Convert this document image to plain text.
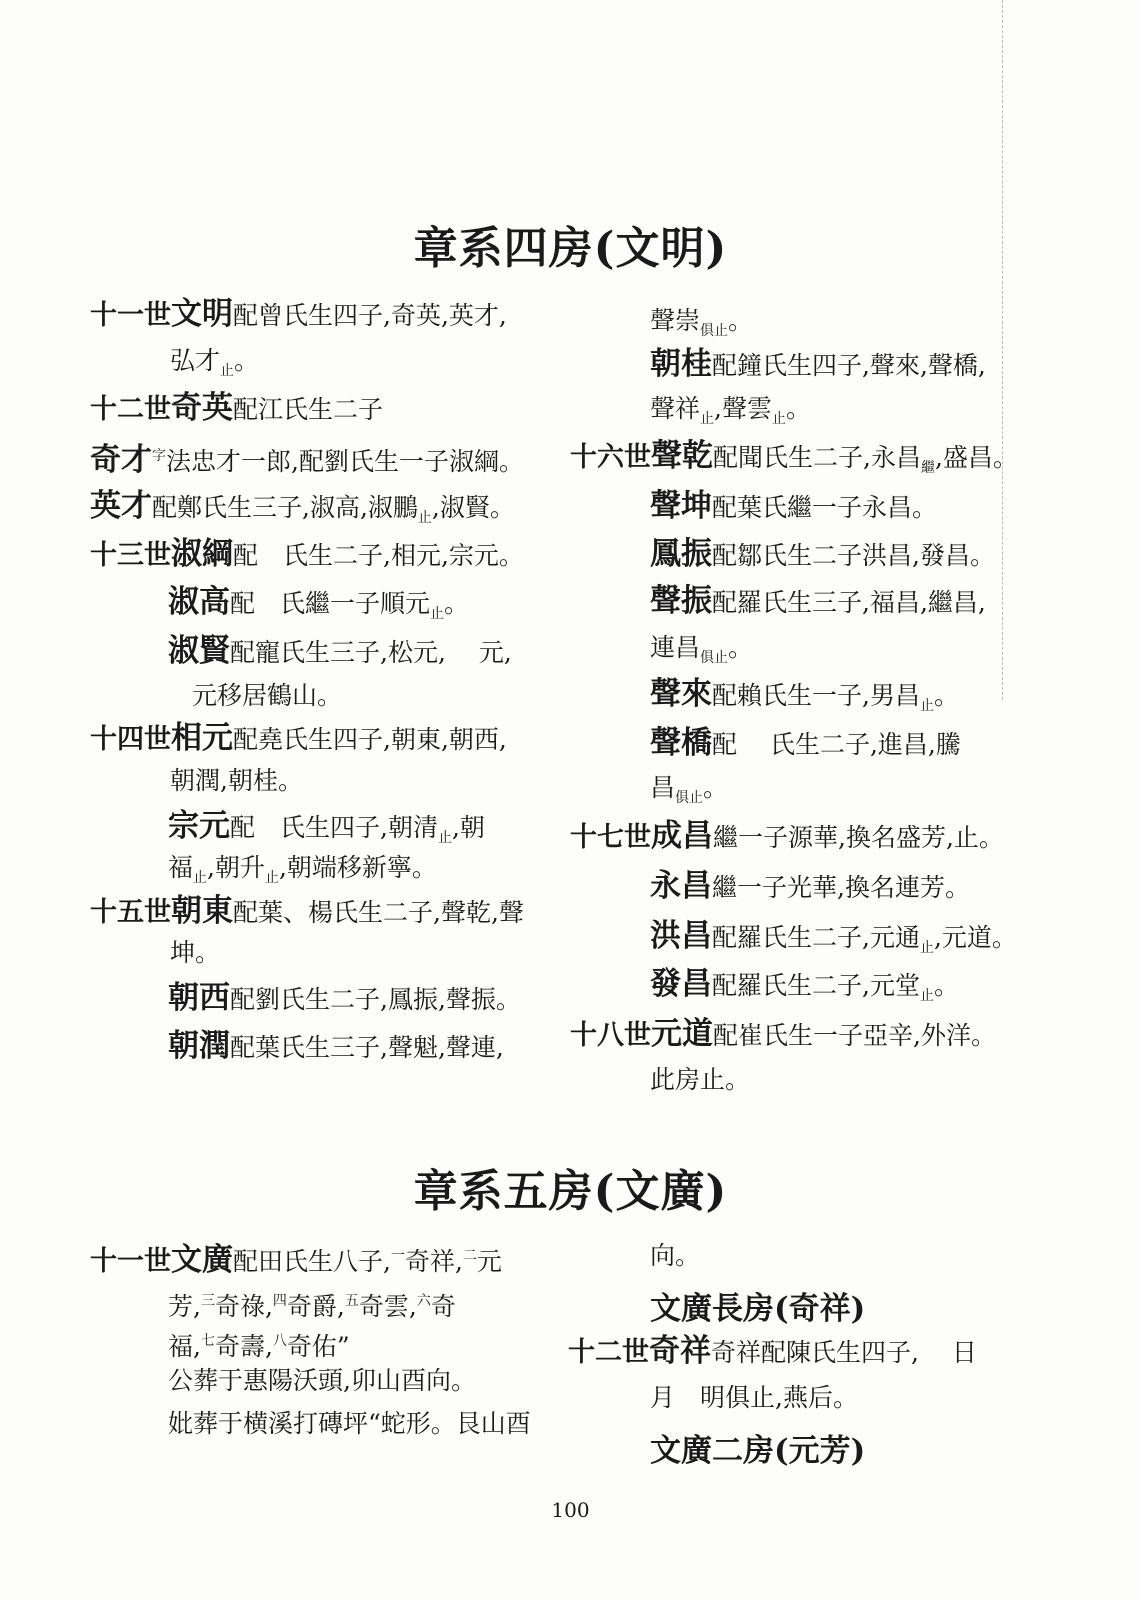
章系四房(文明)
十一世文明配曾氏生四子,奇英,英才,
弘才$_止$。
十二世奇英配江氏生二子
奇才$^字$法忠才一郎,配劉氏生一子淑綱。
英才配鄭氏生三子,淑高,淑鵬$_止$,淑賢。
十三世淑綱配　氏生二子,相元,宗元。
淑高配　氏繼一子順元$_止$。
淑賢配寵氏生三子,松元,　 元,
元移居鶴山。
十四世相元配堯氏生四子,朝東,朝西,
朝潤,朝桂。
宗元配　氏生四子,朝清$_止$,朝
福$_止$,朝升$_止$,朝端移新寧。
十五世朝東配葉、楊氏生二子,聲乾,聲
坤。
朝西配劉氏生二子,鳳振,聲振。
朝潤配葉氏生三子,聲魁,聲連,
聲崇$_{俱止}$。
朝桂配鐘氏生四子,聲來,聲橋,
聲祥$_止$,聲雲$_止$。
十六世聲乾配聞氏生二子,永昌$_繼$,盛昌。
聲坤配葉氏繼一子永昌。
鳳振配鄒氏生二子洪昌,發昌。
聲振配羅氏生三子,福昌,繼昌,
連昌$_{俱止}$。
聲來配賴氏生一子,男昌$_止$。
聲橋配　 氏生二子,進昌,騰
昌$_{俱止}$。
十七世成昌繼一子源華,換名盛芳,止。
永昌繼一子光華,換名連芳。
洪昌配羅氏生二子,元通$_止$,元道。
發昌配羅氏生二子,元堂$_止$。
十八世元道配崔氏生一子亞辛,外洋。
此房止。
章系五房(文廣)
十一世文廣配田氏生八子,$^一$奇祥,$^二$元
芳,$^三$奇祿,$^四$奇爵,$^五$奇雲,$^六$奇
福,$^七$奇壽,$^八$奇佑”
公葬于惠陽沃頭,卯山酉向。
妣葬于横溪打磚坪“蛇形。艮山酉
向。
文廣長房(奇祥)
十二世奇祥奇祥配陳氏生四子,　 日
月　明俱止,燕后。
文廣二房(元芳)
100
